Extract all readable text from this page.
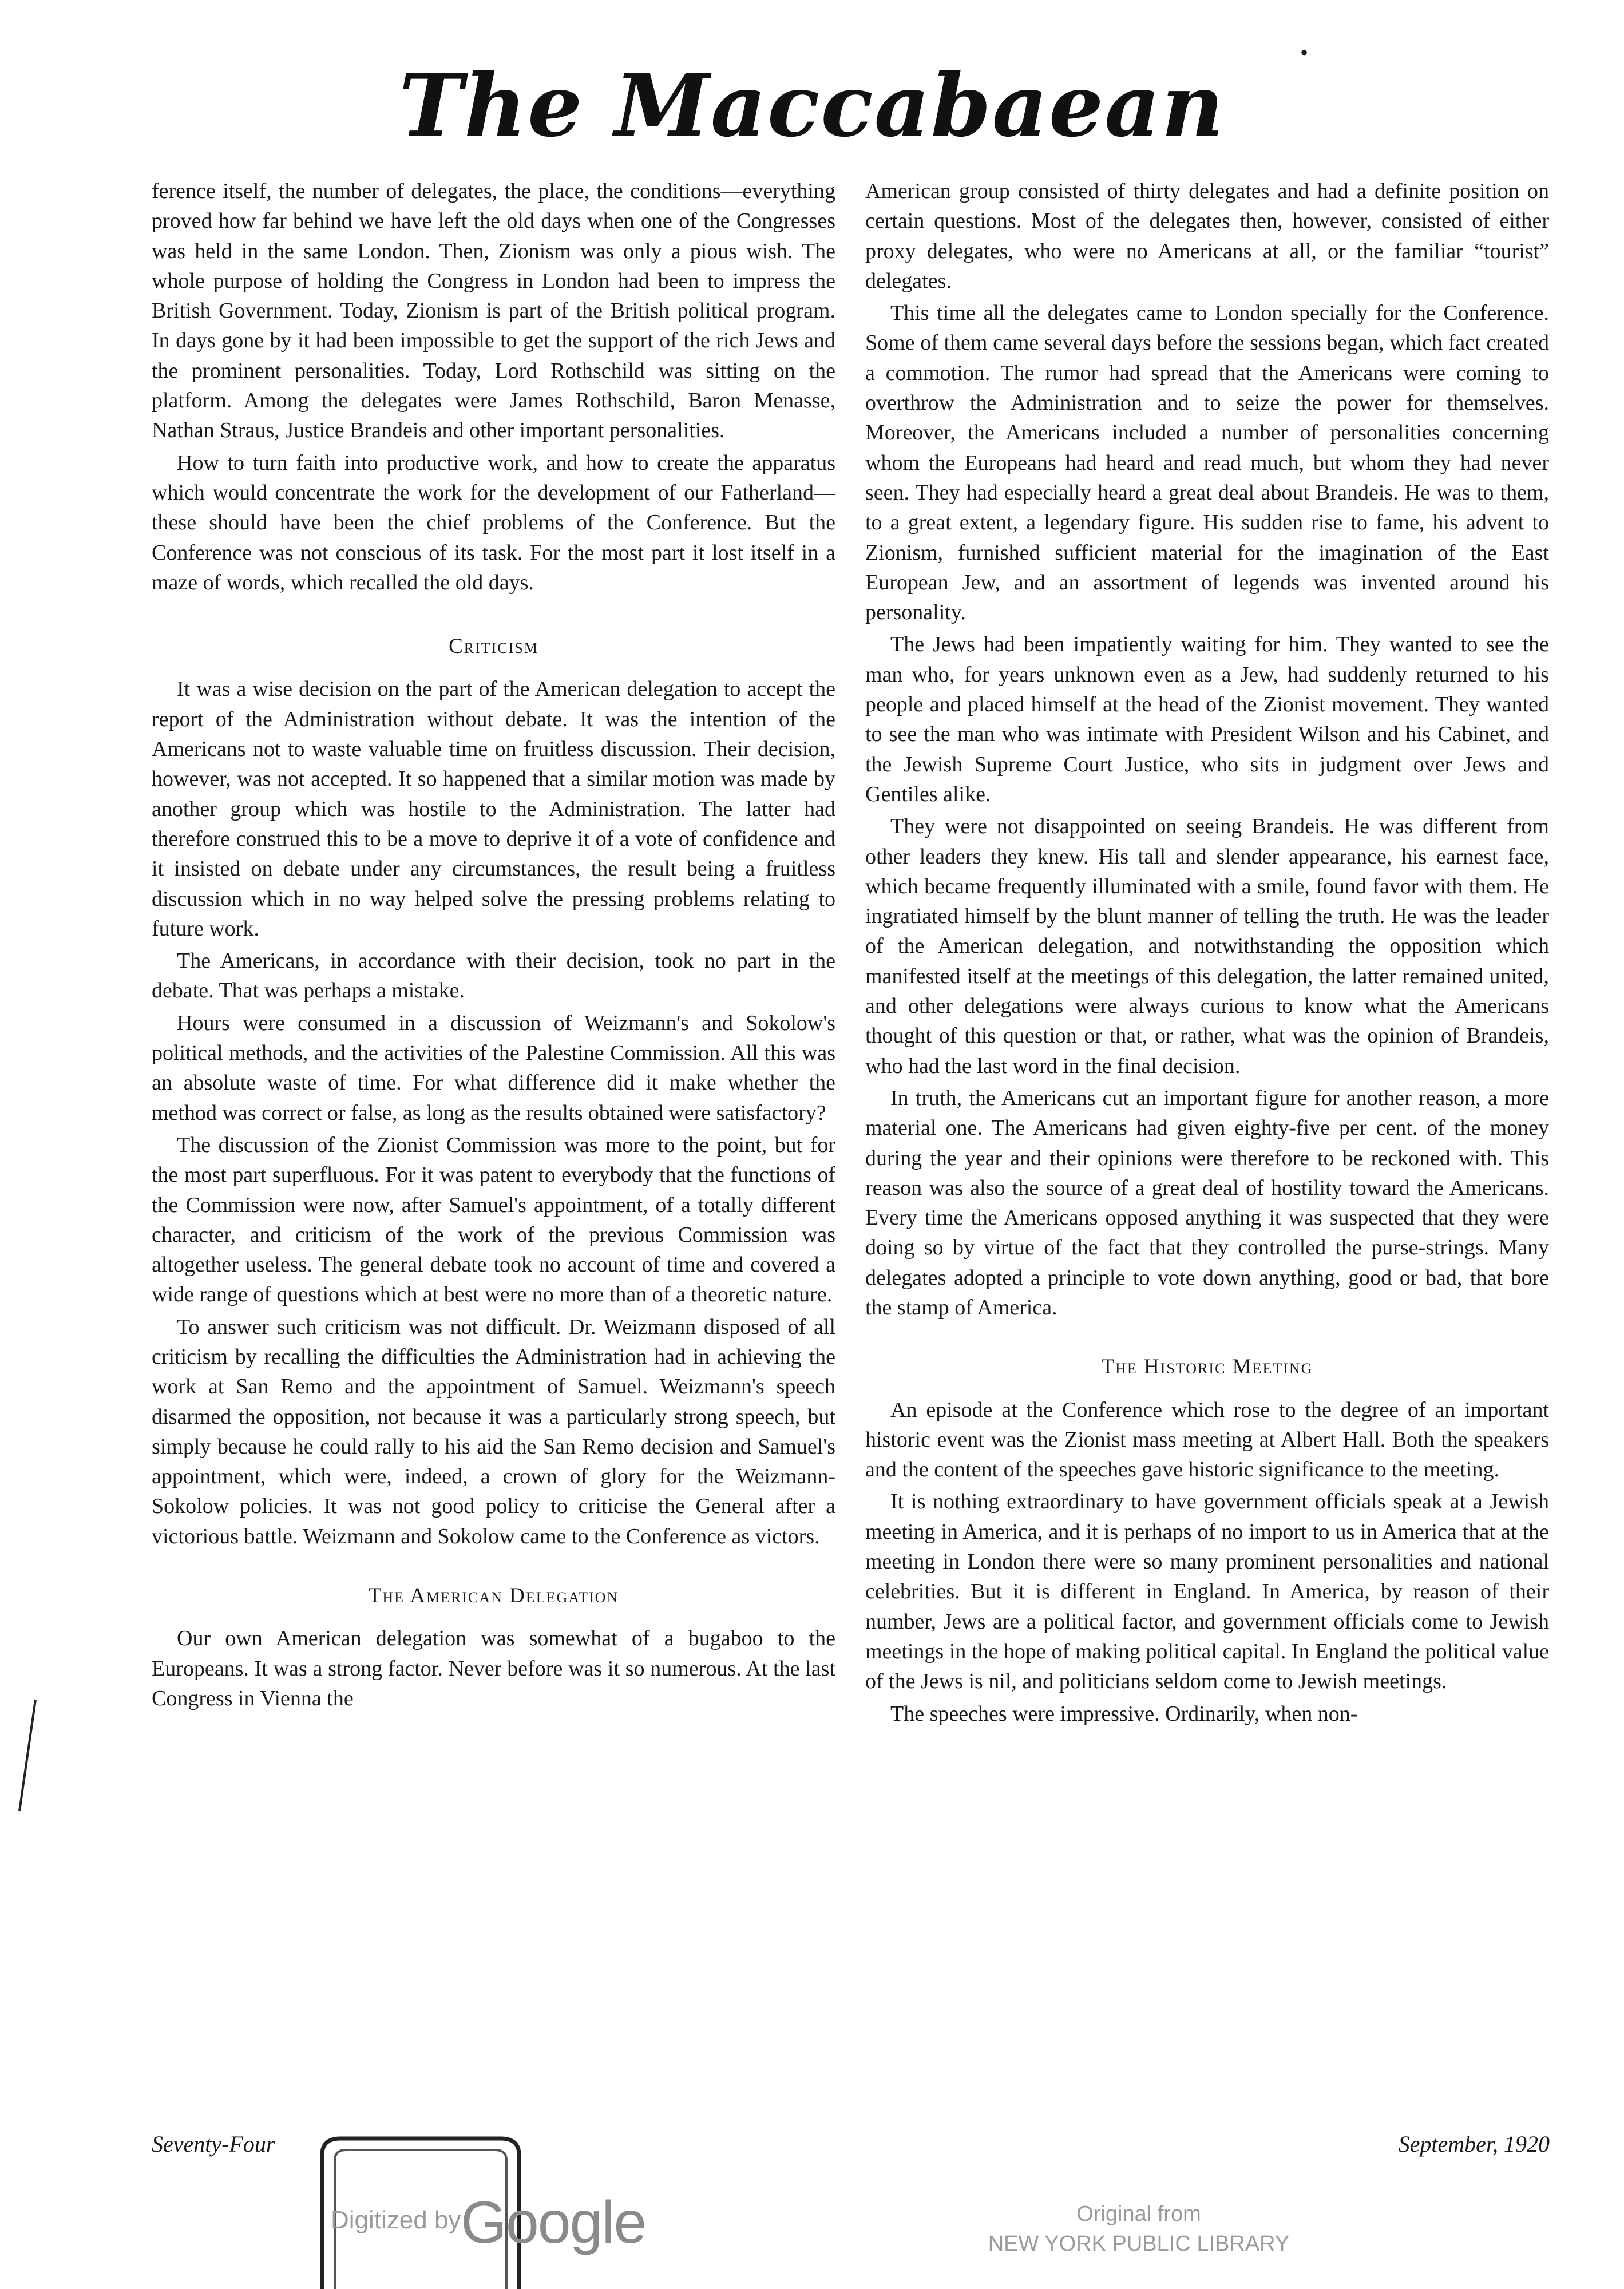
The Maccabaean
•

ference itself, the number of delegates, the place, the conditions—everything proved how far behind we have left the old days when one of the Congresses was held in the same London. Then, Zionism was only a pious wish. The whole purpose of holding the Congress in London had been to impress the British Government. Today, Zionism is part of the British political program. In days gone by it had been impossible to get the support of the rich Jews and the prominent personalities. Today, Lord Rothschild was sitting on the platform. Among the delegates were James Rothschild, Baron Menasse, Nathan Straus, Justice Brandeis and other important personalities.

How to turn faith into productive work, and how to create the apparatus which would concentrate the work for the development of our Fatherland—these should have been the chief problems of the Conference. But the Conference was not conscious of its task. For the most part it lost itself in a maze of words, which recalled the old days.

Criticism

It was a wise decision on the part of the American delegation to accept the report of the Administration without debate. It was the intention of the Americans not to waste valuable time on fruitless discussion. Their decision, however, was not accepted. It so happened that a similar motion was made by another group which was hostile to the Administration. The latter had therefore construed this to be a move to deprive it of a vote of confidence and it insisted on debate under any circumstances, the result being a fruitless discussion which in no way helped solve the pressing problems relating to future work.

The Americans, in accordance with their decision, took no part in the debate. That was perhaps a mistake.

Hours were consumed in a discussion of Weizmann's and Sokolow's political methods, and the activities of the Palestine Commission. All this was an absolute waste of time. For what difference did it make whether the method was correct or false, as long as the results obtained were satisfactory?

The discussion of the Zionist Commission was more to the point, but for the most part superfluous. For it was patent to everybody that the functions of the Commission were now, after Samuel's appointment, of a totally different character, and criticism of the work of the previous Commission was altogether useless. The general debate took no account of time and covered a wide range of questions which at best were no more than of a theoretic nature.

To answer such criticism was not difficult. Dr. Weizmann disposed of all criticism by recalling the difficulties the Administration had in achieving the work at San Remo and the appointment of Samuel. Weizmann's speech disarmed the opposition, not because it was a particularly strong speech, but simply because he could rally to his aid the San Remo decision and Samuel's appointment, which were, indeed, a crown of glory for the Weizmann-Sokolow policies. It was not good policy to criticise the General after a victorious battle. Weizmann and Sokolow came to the Conference as victors.

The American Delegation

Our own American delegation was somewhat of a bugaboo to the Europeans. It was a strong factor. Never before was it so numerous. At the last Congress in Vienna the

American group consisted of thirty delegates and had a definite position on certain questions. Most of the delegates then, however, consisted of either proxy delegates, who were no Americans at all, or the familiar “tourist” delegates.

This time all the delegates came to London specially for the Conference. Some of them came several days before the sessions began, which fact created a commotion. The rumor had spread that the Americans were coming to overthrow the Administration and to seize the power for themselves. Moreover, the Americans included a number of personalities concerning whom the Europeans had heard and read much, but whom they had never seen. They had especially heard a great deal about Brandeis. He was to them, to a great extent, a legendary figure. His sudden rise to fame, his advent to Zionism, furnished sufficient material for the imagination of the East European Jew, and an assortment of legends was invented around his personality.

The Jews had been impatiently waiting for him. They wanted to see the man who, for years unknown even as a Jew, had suddenly returned to his people and placed himself at the head of the Zionist movement. They wanted to see the man who was intimate with President Wilson and his Cabinet, and the Jewish Supreme Court Justice, who sits in judgment over Jews and Gentiles alike.

They were not disappointed on seeing Brandeis. He was different from other leaders they knew. His tall and slender appearance, his earnest face, which became frequently illuminated with a smile, found favor with them. He ingratiated himself by the blunt manner of telling the truth. He was the leader of the American delegation, and notwithstanding the opposition which manifested itself at the meetings of this delegation, the latter remained united, and other delegations were always curious to know what the Americans thought of this question or that, or rather, what was the opinion of Brandeis, who had the last word in the final decision.

In truth, the Americans cut an important figure for another reason, a more material one. The Americans had given eighty-five per cent. of the money during the year and their opinions were therefore to be reckoned with. This reason was also the source of a great deal of hostility toward the Americans. Every time the Americans opposed anything it was suspected that they were doing so by virtue of the fact that they controlled the purse-strings. Many delegates adopted a principle to vote down anything, good or bad, that bore the stamp of America.

The Historic Meeting

An episode at the Conference which rose to the degree of an important historic event was the Zionist mass meeting at Albert Hall. Both the speakers and the content of the speeches gave historic significance to the meeting.

It is nothing extraordinary to have government officials speak at a Jewish meeting in America, and it is perhaps of no import to us in America that at the meeting in London there were so many prominent personalities and national celebrities. But it is different in England. In America, by reason of their number, Jews are a political factor, and government officials come to Jewish meetings in the hope of making political capital. In England the political value of the Jews is nil, and politicians seldom come to Jewish meetings.

The speeches were impressive. Ordinarily, when non-

Seventy-Four	September, 1920
Digitized by Google	Original from
NEW YORK PUBLIC LIBRARY
